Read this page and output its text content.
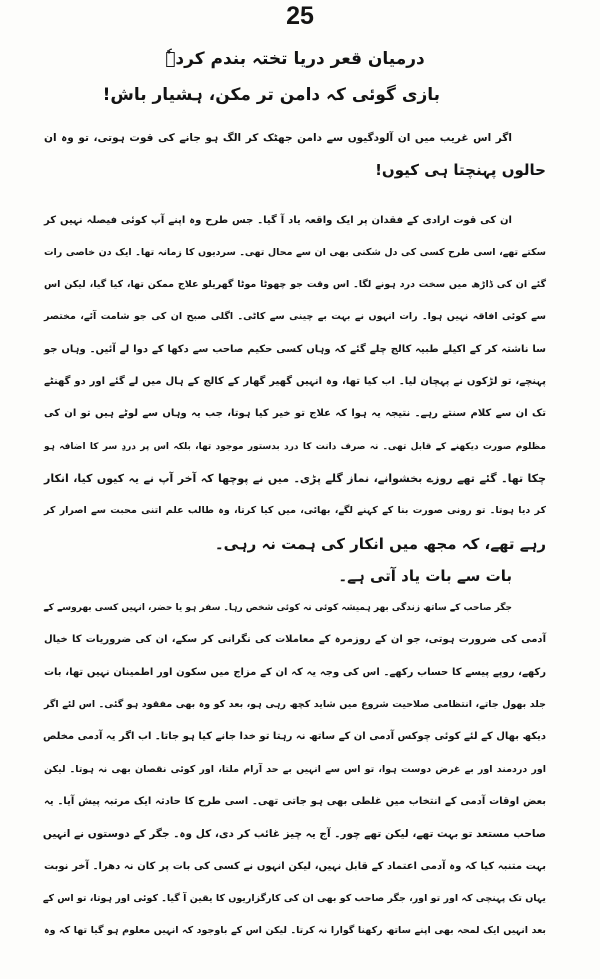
25
درمیان قعر دریا تختہ بندم کردہٗ
بازی گوئی کہ دامن تر مکن، ہشیار باش!
اگر اس غریب میں ان آلودگیوں سے دامن جھٹک کر الگ ہو جانے کی قوت ہوتی، تو وہ ان
حالوں پہنچتا ہی کیوں!
ان کی قوت ارادی کے فقدان پر ایک واقعہ یاد آ گیا۔ جس طرح وہ اپنے آپ کوئی فیصلہ نہیں کر
سکتے تھے، اسی طرح کسی کی دل شکنی بھی ان سے محال تھی۔ سردیوں کا زمانہ تھا۔ ایک دن خاصی رات
گئے ان کی ڈاڑھ میں سخت درد ہونے لگا۔ اس وقت جو چھوٹا موٹا گھریلو علاج ممکن تھا، کیا گیا، لیکن اس
سے کوئی افاقہ نہیں ہوا۔ رات انہوں نے بہت بے چینی سے کاٹی۔ اگلی صبح ان کی جو شامت آئے، مختصر
سا ناشتہ کر کے اکیلے طبیہ کالج چلے گئے کہ وہاں کسی حکیم صاحب سے دکھا کے دوا لے آئیں۔ وہاں جو
پہنچے، تو لڑکوں نے پہچان لیا۔ اب کیا تھا، وہ انہیں گھیر گھار کے کالج کے ہال میں لے گئے اور دو گھنٹے
تک ان سے کلام سنتے رہے۔ نتیجہ یہ ہوا کہ علاج تو خیر کیا ہوتا، جب یہ وہاں سے لوٹے ہیں تو ان کی
مظلوم صورت دیکھنے کے قابل تھی۔ نہ صرف دانت کا درد بدستور موجود تھا، بلکہ اس پر دردِ سر کا اضافہ ہو
چکا تھا۔ گئے تھے روزے بخشوانے، نماز گلے پڑی۔ میں نے پوچھا کہ آخر آپ نے یہ کیوں کیا، انکار
کر دیا ہوتا۔ تو رونی صورت بنا کے کہنے لگے، بھائی، میں کیا کرتا، وہ طالب علم اتنی محبت سے اصرار کر
رہے تھے، کہ مجھ میں انکار کی ہمت نہ رہی۔
بات سے بات یاد آتی ہے۔
جگر صاحب کے ساتھ زندگی بھر ہمیشہ کوئی نہ کوئی شخص رہا۔ سفر ہو یا حضر، انہیں کسی بھروسے کے
آدمی کی ضرورت ہوتی، جو ان کے روزمرہ کے معاملات کی نگرانی کر سکے، ان کی ضروریات کا خیال
رکھے، روپے پیسے کا حساب رکھے۔ اس کی وجہ یہ کہ ان کے مزاج میں سکون اور اطمینان نہیں تھا، بات
جلد بھول جاتے، انتظامی صلاحیت شروع میں شاید کچھ رہی ہو، بعد کو وہ بھی مفقود ہو گئی۔ اس لئے اگر
دیکھ بھال کے لئے کوئی چوکس آدمی ان کے ساتھ نہ رہتا تو خدا جانے کیا ہو جاتا۔ اب اگر یہ آدمی مخلص
اور دردمند اور بے غرض دوست ہوا، تو اس سے انہیں بے حد آرام ملتا، اور کوئی نقصان بھی نہ ہوتا۔ لیکن
بعض اوقات آدمی کے انتخاب میں غلطی بھی ہو جاتی تھی۔ اسی طرح کا حادثہ ایک مرتبہ پیش آیا۔ یہ
صاحب مستعد تو بہت تھے، لیکن تھے چور۔ آج یہ چیز غائب کر دی، کل وہ۔ جگر کے دوستوں نے انہیں
بہت متنبہ کیا کہ وہ آدمی اعتماد کے قابل نہیں، لیکن انہوں نے کسی کی بات پر کان نہ دھرا۔ آخر نوبت
یہاں تک پہنچی کہ اور تو اور، جگر صاحب کو بھی ان کی کارگزاریوں کا یقین آ گیا۔ کوئی اور ہوتا، تو اس کے
بعد انہیں ایک لمحہ بھی اپنے ساتھ رکھنا گوارا نہ کرتا۔ لیکن اس کے باوجود کہ انہیں معلوم ہو گیا تھا کہ وہ
